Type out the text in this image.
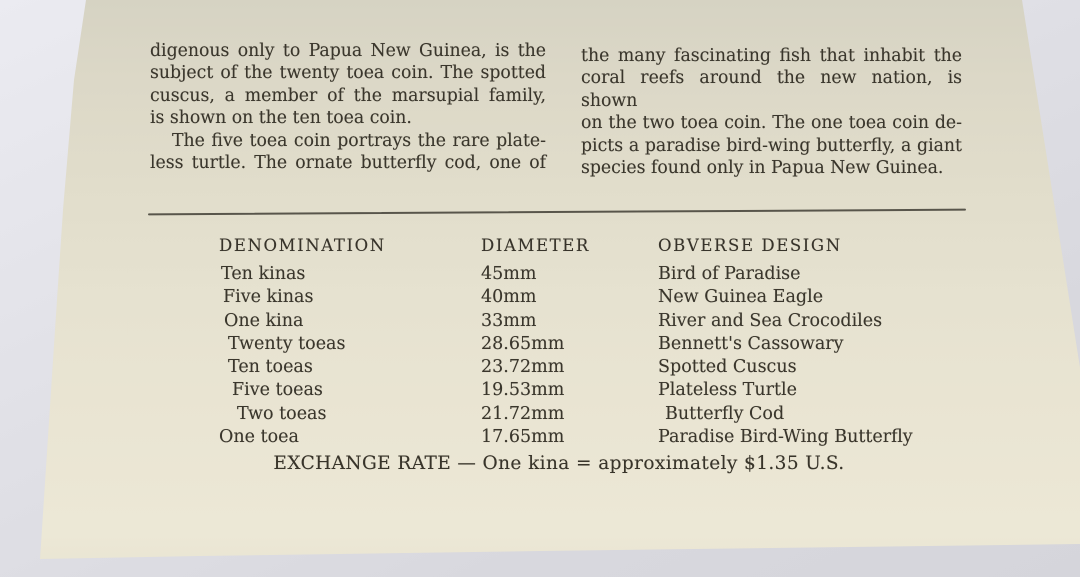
digenous only to Papua New Guinea, is the
subject of the twenty toea coin. The spotted
cuscus, a member of the marsupial family,
is shown on the ten toea coin.
The five toea coin portrays the rare plate-
less turtle. The ornate butterfly cod, one of
the many fascinating fish that inhabit the
coral reefs around the new nation, is shown
on the two toea coin. The one toea coin de-
picts a paradise bird-wing butterfly, a giant
species found only in Papua New Guinea.
DENOMINATION	DIAMETER	OBVERSE DESIGN
Ten kinas	45mm	Bird of Paradise
Five kinas	40mm	New Guinea Eagle
One kina	33mm	River and Sea Crocodiles
Twenty toeas	28.65mm	Bennett's Cassowary
Ten toeas	23.72mm	Spotted Cuscus
Five toeas	19.53mm	Plateless Turtle
Two toeas	21.72mm	Butterfly Cod
One toea	17.65mm	Paradise Bird-Wing Butterfly
EXCHANGE RATE — One kina = approximately $1.35 U.S.
